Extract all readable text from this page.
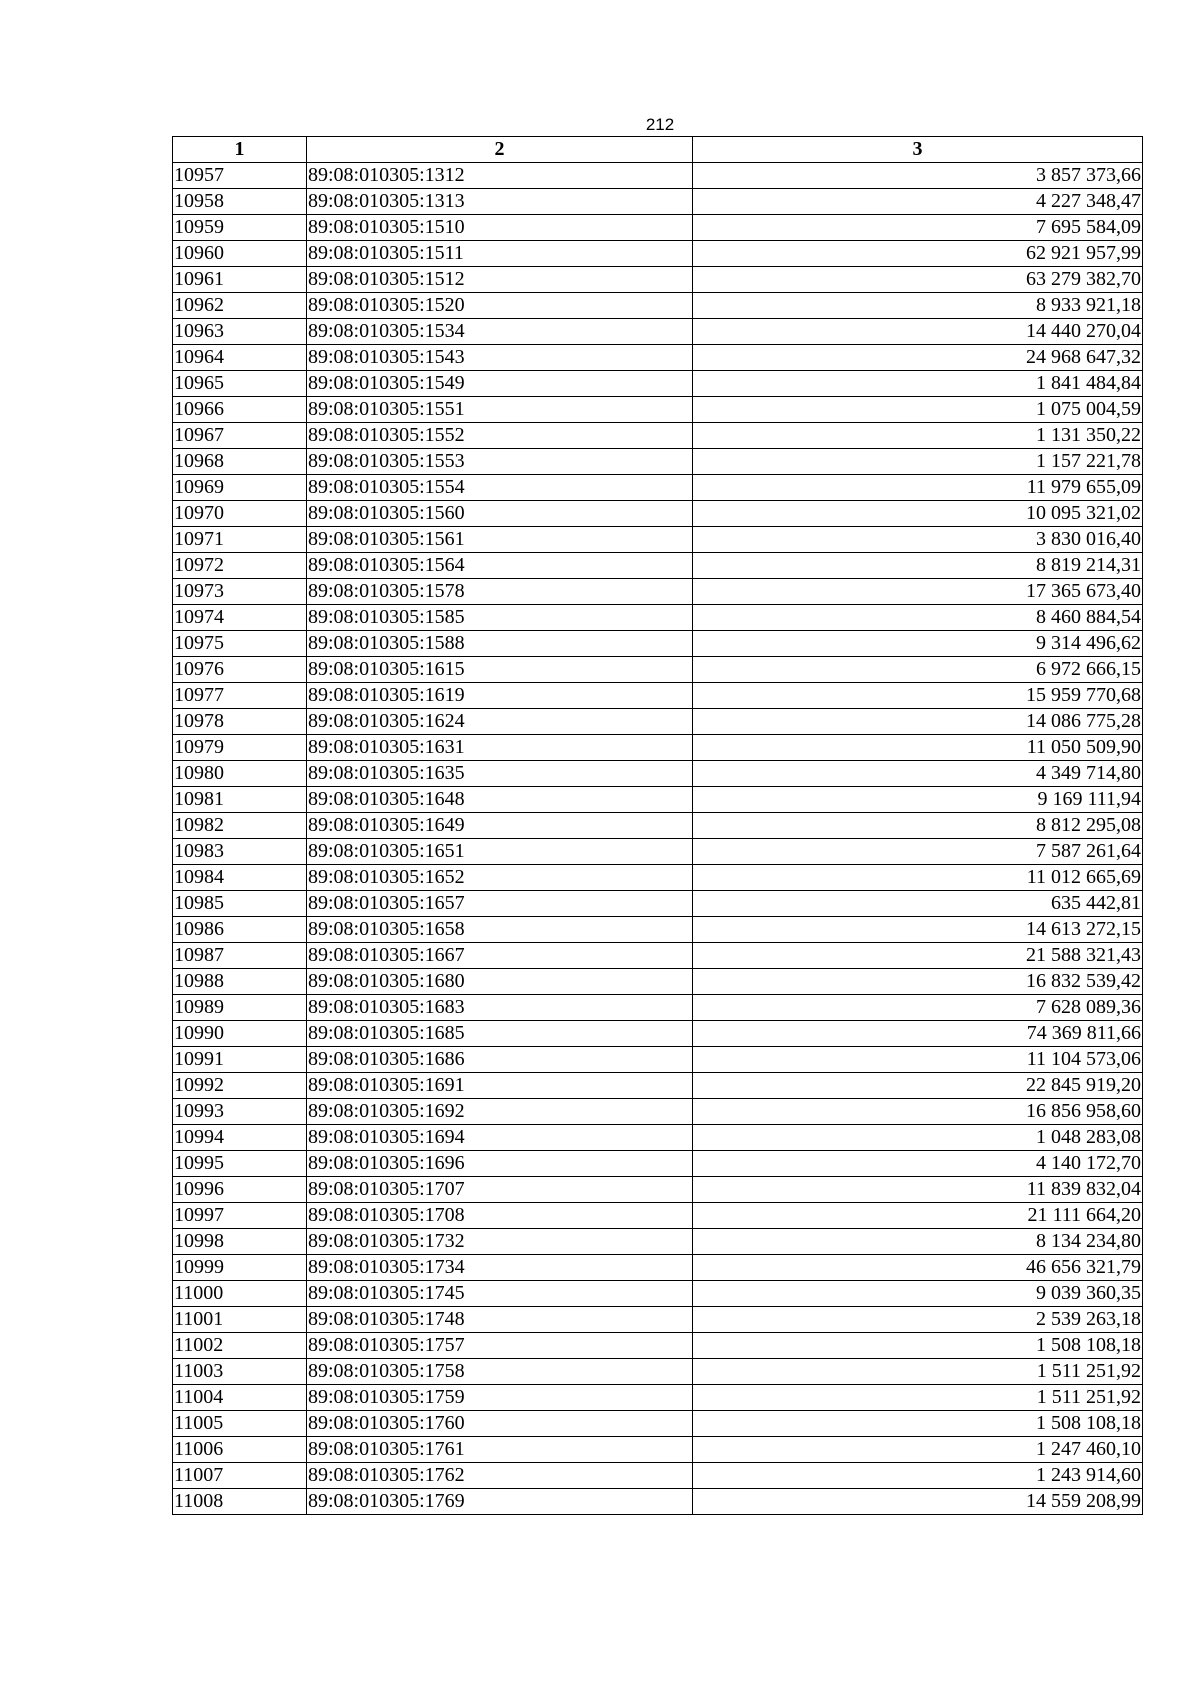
212
1	2	3
10957	89:08:010305:1312	3 857 373,66
10958	89:08:010305:1313	4 227 348,47
10959	89:08:010305:1510	7 695 584,09
10960	89:08:010305:1511	62 921 957,99
10961	89:08:010305:1512	63 279 382,70
10962	89:08:010305:1520	8 933 921,18
10963	89:08:010305:1534	14 440 270,04
10964	89:08:010305:1543	24 968 647,32
10965	89:08:010305:1549	1 841 484,84
10966	89:08:010305:1551	1 075 004,59
10967	89:08:010305:1552	1 131 350,22
10968	89:08:010305:1553	1 157 221,78
10969	89:08:010305:1554	11 979 655,09
10970	89:08:010305:1560	10 095 321,02
10971	89:08:010305:1561	3 830 016,40
10972	89:08:010305:1564	8 819 214,31
10973	89:08:010305:1578	17 365 673,40
10974	89:08:010305:1585	8 460 884,54
10975	89:08:010305:1588	9 314 496,62
10976	89:08:010305:1615	6 972 666,15
10977	89:08:010305:1619	15 959 770,68
10978	89:08:010305:1624	14 086 775,28
10979	89:08:010305:1631	11 050 509,90
10980	89:08:010305:1635	4 349 714,80
10981	89:08:010305:1648	9 169 111,94
10982	89:08:010305:1649	8 812 295,08
10983	89:08:010305:1651	7 587 261,64
10984	89:08:010305:1652	11 012 665,69
10985	89:08:010305:1657	635 442,81
10986	89:08:010305:1658	14 613 272,15
10987	89:08:010305:1667	21 588 321,43
10988	89:08:010305:1680	16 832 539,42
10989	89:08:010305:1683	7 628 089,36
10990	89:08:010305:1685	74 369 811,66
10991	89:08:010305:1686	11 104 573,06
10992	89:08:010305:1691	22 845 919,20
10993	89:08:010305:1692	16 856 958,60
10994	89:08:010305:1694	1 048 283,08
10995	89:08:010305:1696	4 140 172,70
10996	89:08:010305:1707	11 839 832,04
10997	89:08:010305:1708	21 111 664,20
10998	89:08:010305:1732	8 134 234,80
10999	89:08:010305:1734	46 656 321,79
11000	89:08:010305:1745	9 039 360,35
11001	89:08:010305:1748	2 539 263,18
11002	89:08:010305:1757	1 508 108,18
11003	89:08:010305:1758	1 511 251,92
11004	89:08:010305:1759	1 511 251,92
11005	89:08:010305:1760	1 508 108,18
11006	89:08:010305:1761	1 247 460,10
11007	89:08:010305:1762	1 243 914,60
11008	89:08:010305:1769	14 559 208,99
